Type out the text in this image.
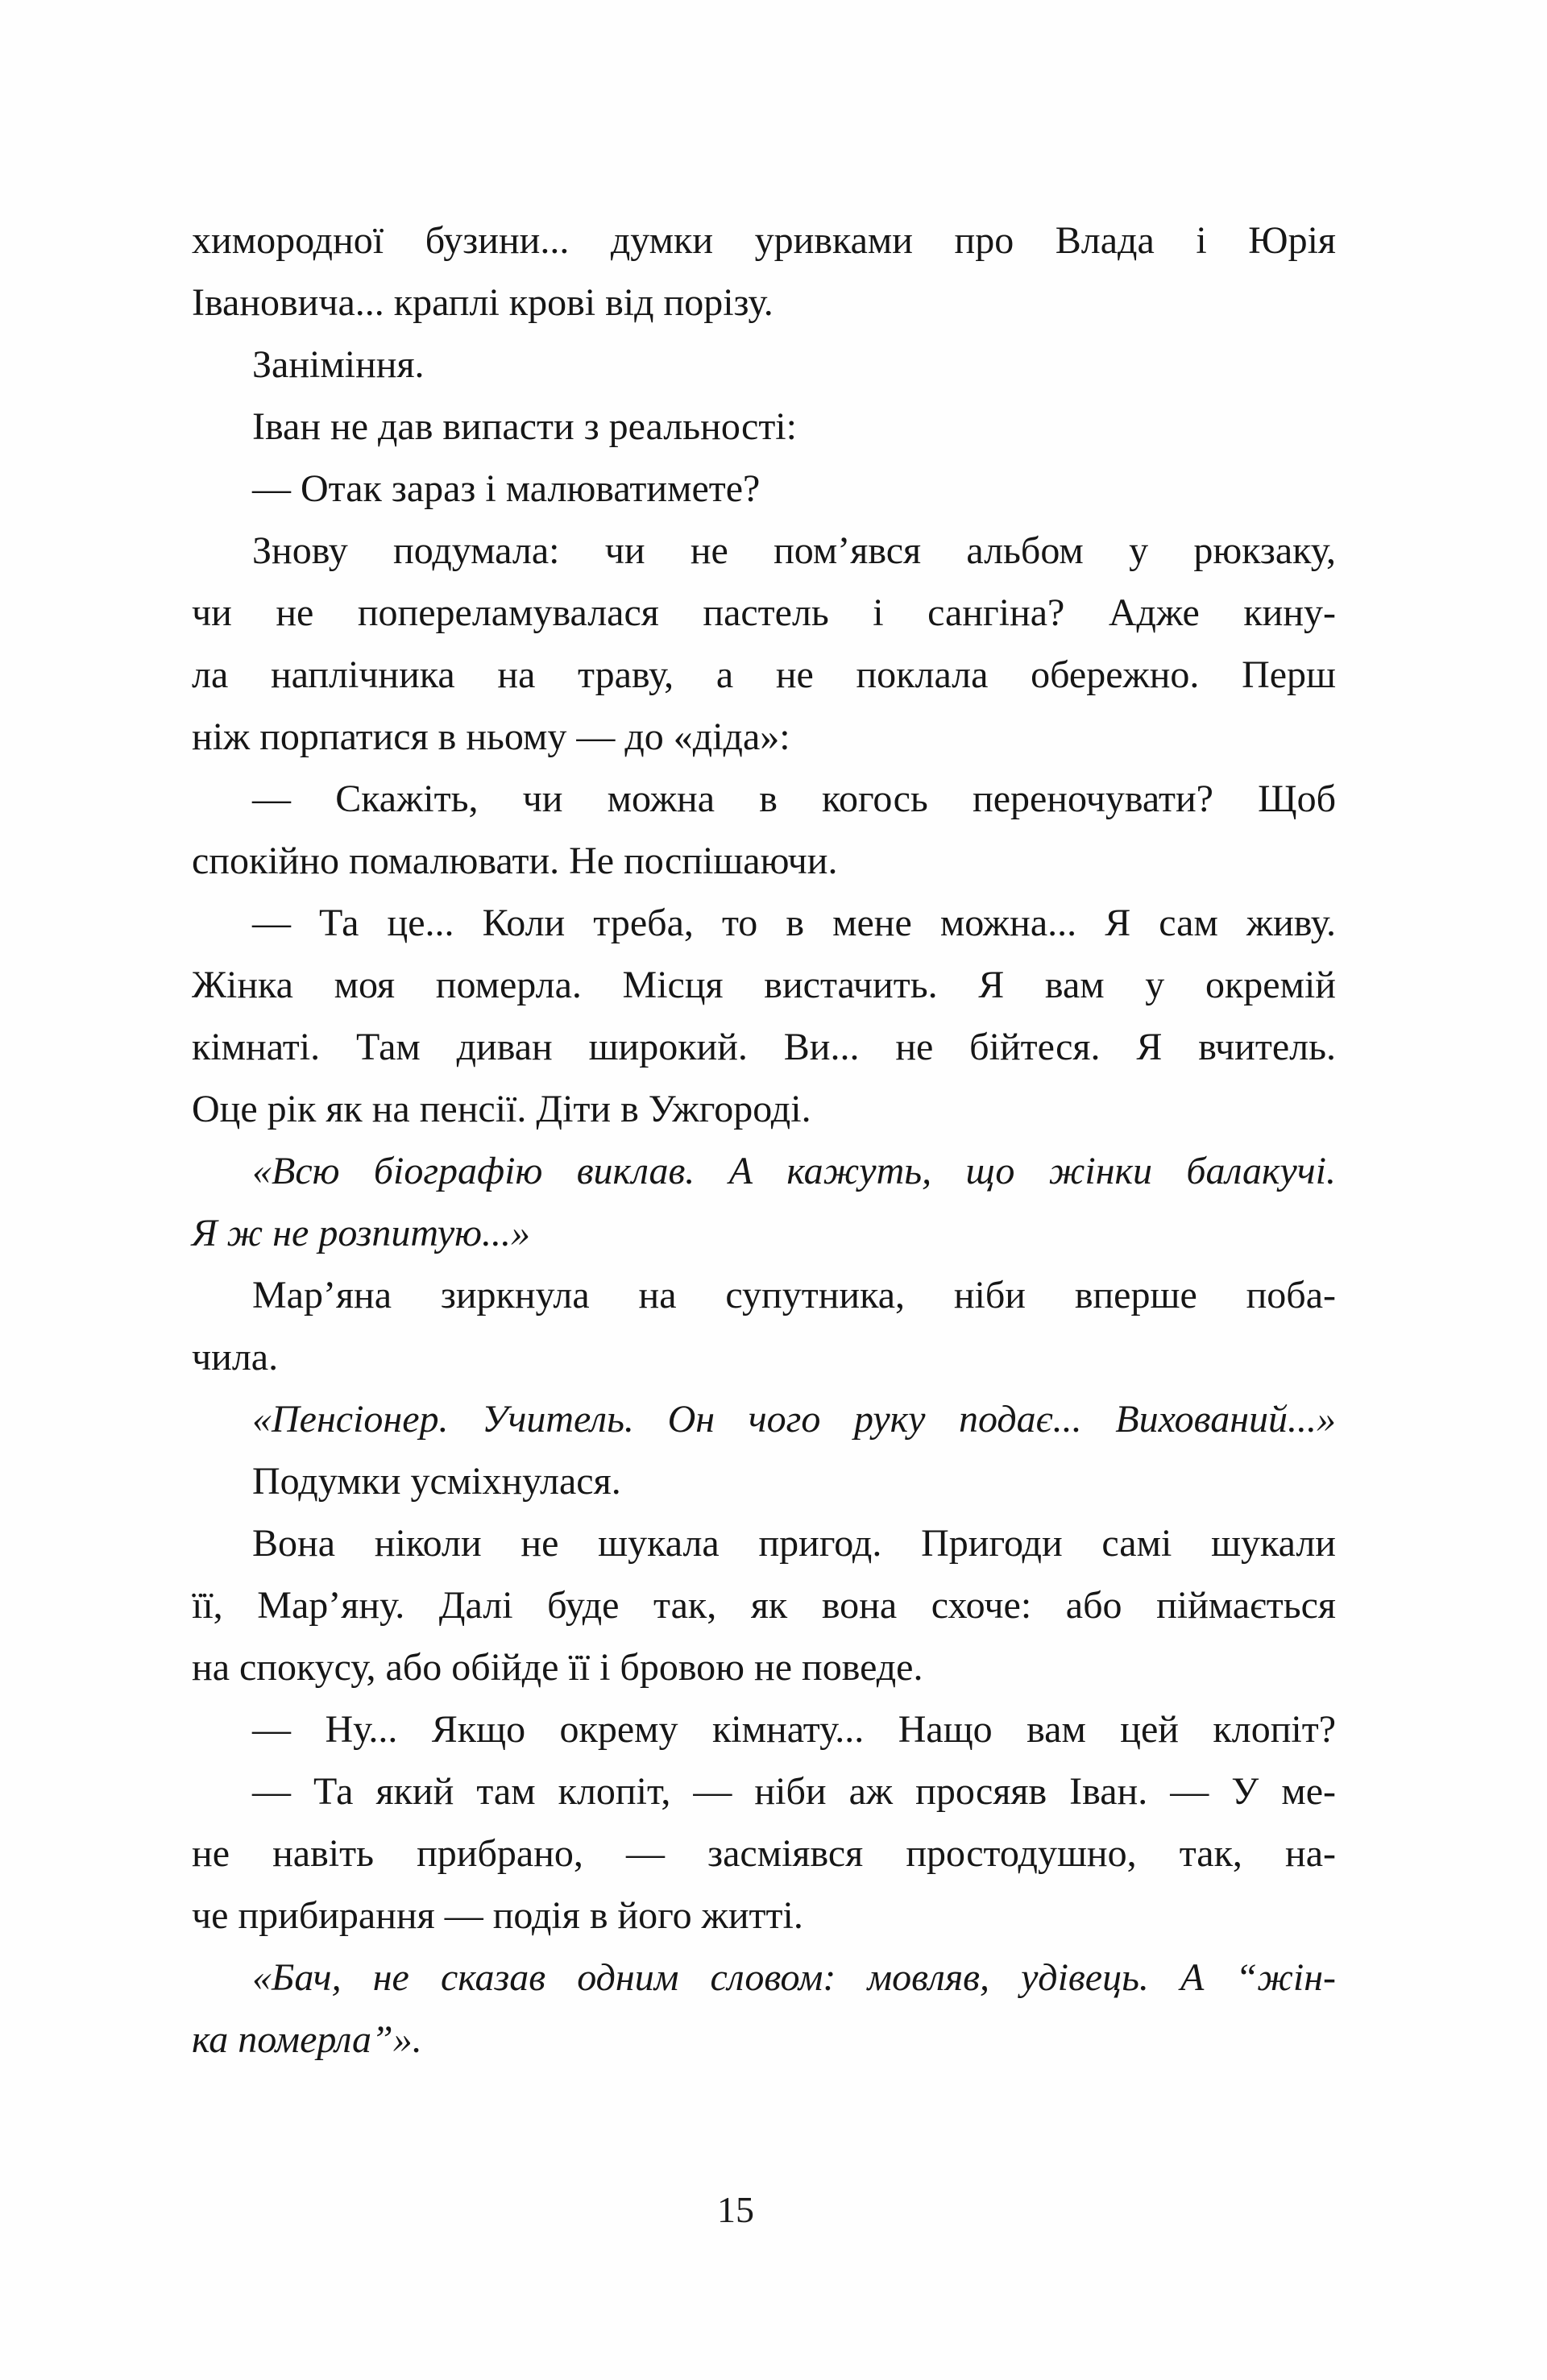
химородної бузини... думки уривками про Влада і Юрія
Івановича... краплі крові від порізу.

Заніміння.

Іван не дав випасти з реальності:

— Отак зараз і малюватимете?

Знову подумала: чи не пом’явся альбом у рюкзаку,
чи не попереламувалася пастель і сангіна? Адже кину-
ла наплічника на траву, а не поклала обережно. Перш
ніж порпатися в ньому — до «діда»:

— Скажіть, чи можна в когось переночувати? Щоб
спокійно помалювати. Не поспішаючи.

— Та це... Коли треба, то в мене можна... Я сам живу.
Жінка моя померла. Місця вистачить. Я вам у окремій
кімнаті. Там диван широкий. Ви... не бійтеся. Я вчитель.
Оце рік як на пенсії. Діти в Ужгороді.

«Всю біографію виклав. А кажуть, що жінки балакучі.
Я ж не розпитую...»

Мар’яна зиркнула на супутника, ніби вперше поба-
чила.

«Пенсіонер. Учитель. Он чого руку подає... Вихований...»

Подумки усміхнулася.

Вона ніколи не шукала пригод. Пригоди самі шукали
її, Мар’яну. Далі буде так, як вона схоче: або піймається
на спокусу, або обійде її і бровою не поведе.

— Ну... Якщо окрему кімнату... Нащо вам цей клопіт?

— Та який там клопіт, — ніби аж просяяв Іван. — У ме-
не навіть прибрано, — засміявся простодушно, так, на-
че прибирання — подія в його житті.

«Бач, не сказав одним словом: мовляв, удівець. А “жін-
ка померла”».

15
